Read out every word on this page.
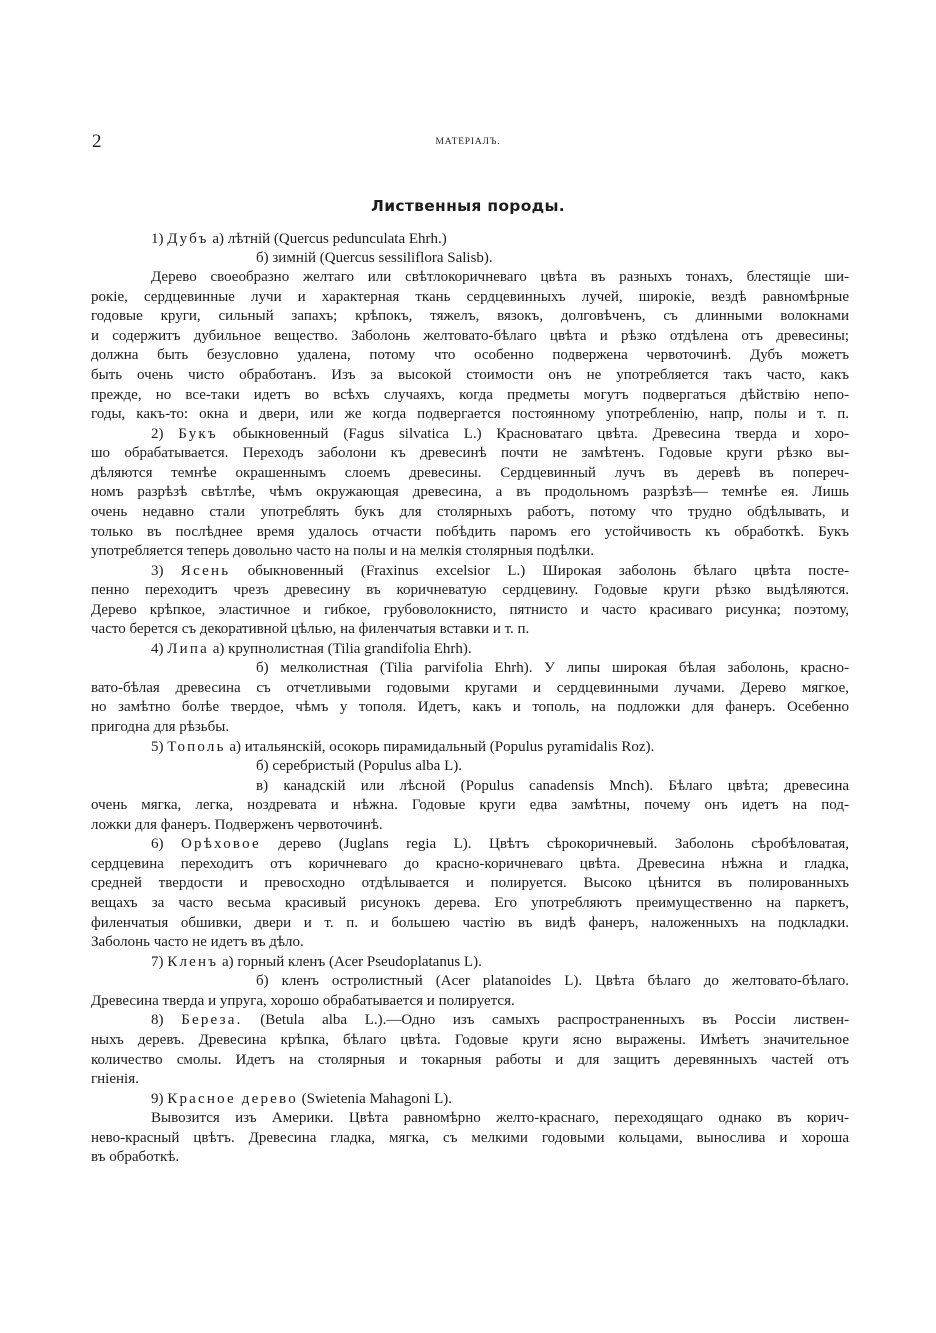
2	МАТЕРІАЛЪ.
Лиственныя породы.
1) Дубъ а) лѣтній (Quercus pedunculata Ehrh.)
б) зимній (Quercus sessiliflora Salisb).
Дерево своеобразно желтаго или свѣтлокоричневаго цвѣта въ разныхъ тонахъ, блестящіе ши-
рокіе, сердцевинные лучи и характерная ткань сердцевинныхъ лучей, широкіе, вездѣ равномѣрные
годовые круги, сильный запахъ; крѣпокъ, тяжелъ, вязокъ, долговѣченъ, съ длинными волокнами
и содержитъ дубильное вещество. Заболонь желтовато-бѣлаго цвѣта и рѣзко отдѣлена отъ древесины;
должна быть безусловно удалена, потому что особенно подвержена червоточинѣ. Дубъ можетъ
быть очень чисто обработанъ. Изъ за высокой стоимости онъ не употребляется такъ часто, какъ
прежде, но все-таки идетъ во всѣхъ случаяхъ, когда предметы могутъ подвергаться дѣйствію непо-
годы, какъ-то: окна и двери, или же когда подвергается постоянному употребленію, напр, полы и т. п.
2) Букъ обыкновенный (Fagus silvatica L.) Красноватаго цвѣта. Древесина тверда и хоро-
шо обрабатывается. Переходъ заболони къ древесинѣ почти не замѣтенъ. Годовые круги рѣзко вы-
дѣляются темнѣе окрашеннымъ слоемъ древесины. Сердцевинный лучъ въ деревѣ въ попереч-
номъ разрѣзѣ свѣтлѣе, чѣмъ окружающая древесина, а въ продольномъ разрѣзѣ— темнѣе ея. Лишь
очень недавно стали употреблять букъ для столярныхъ работъ, потому что трудно обдѣлывать, и
только въ послѣднее время удалось отчасти побѣдить паромъ его устойчивость къ обработкѣ. Букъ
употребляется теперь довольно часто на полы и на мелкія столярныя подѣлки.
3) Ясень обыкновенный (Fraxinus excelsior L.) Широкая заболонь бѣлаго цвѣта посте-
пенно переходитъ чрезъ древесину въ коричневатую сердцевину. Годовые круги рѣзко выдѣляются.
Дерево крѣпкое, эластичное и гибкое, грубоволокнисто, пятнисто и часто красиваго рисунка; поэтому,
часто берется съ декоративной цѣлью, на филенчатыя вставки и т. п.
4) Липа а) крупнолистная (Tilia grandifolia Ehrh).
б) мелколистная (Tilia parvifolia Ehrh). У липы широкая бѣлая заболонь, красно-
вато-бѣлая древесина съ отчетливыми годовыми кругами и сердцевинными лучами. Дерево мягкое,
но замѣтно болѣе твердое, чѣмъ у тополя. Идетъ, какъ и тополь, на подложки для фанеръ. Осебенно
пригодна для рѣзьбы.
5) Тополь а) итальянскій, осокорь пирамидальный (Populus pyramidalis Roz).
б) серебристый (Populus alba L).
в) канадскій или лѣсной (Populus canadensis Mnch). Бѣлаго цвѣта; древесина
очень мягка, легка, ноздревата и нѣжна. Годовые круги едва замѣтны, почему онъ идетъ на под-
ложки для фанеръ. Подверженъ червоточинѣ.
6) Орѣховое дерево (Juglans regia L). Цвѣтъ сѣрокоричневый. Заболонь сѣробѣловатая,
сердцевина переходитъ отъ коричневаго до красно-коричневаго цвѣта. Древесина нѣжна и гладка,
средней твердости и превосходно отдѣлывается и полируется. Высоко цѣнится въ полированныхъ
вещахъ за часто весьма красивый рисунокъ дерева. Его употребляютъ преимущественно на паркетъ,
филенчатыя обшивки, двери и т. п. и большею частію въ видѣ фанеръ, наложенныхъ на подкладки.
Заболонь часто не идетъ въ дѣло.
7) Кленъ а) горный кленъ (Acer Pseudoplatanus L).
б) кленъ остролистный (Acer platanoides L). Цвѣта бѣлаго до желтовато-бѣлаго.
Древесина тверда и упруга, хорошо обрабатывается и полируется.
8) Береза. (Betula alba L.).—Одно изъ самыхъ распространенныхъ въ Россіи листвен-
ныхъ деревъ. Древесина крѣпка, бѣлаго цвѣта. Годовые круги ясно выражены. Имѣетъ значительное
количество смолы. Идетъ на столярныя и токарныя работы и для защитъ деревянныхъ частей отъ
гніенія.
9) Красное дерево (Swietenia Mahagoni L).
Вывозится изъ Америки. Цвѣта равномѣрно желто-краснаго, переходящаго однако въ корич-
нево-красный цвѣтъ. Древесина гладка, мягка, съ мелкими годовыми кольцами, вынослива и хороша
въ обработкѣ.
